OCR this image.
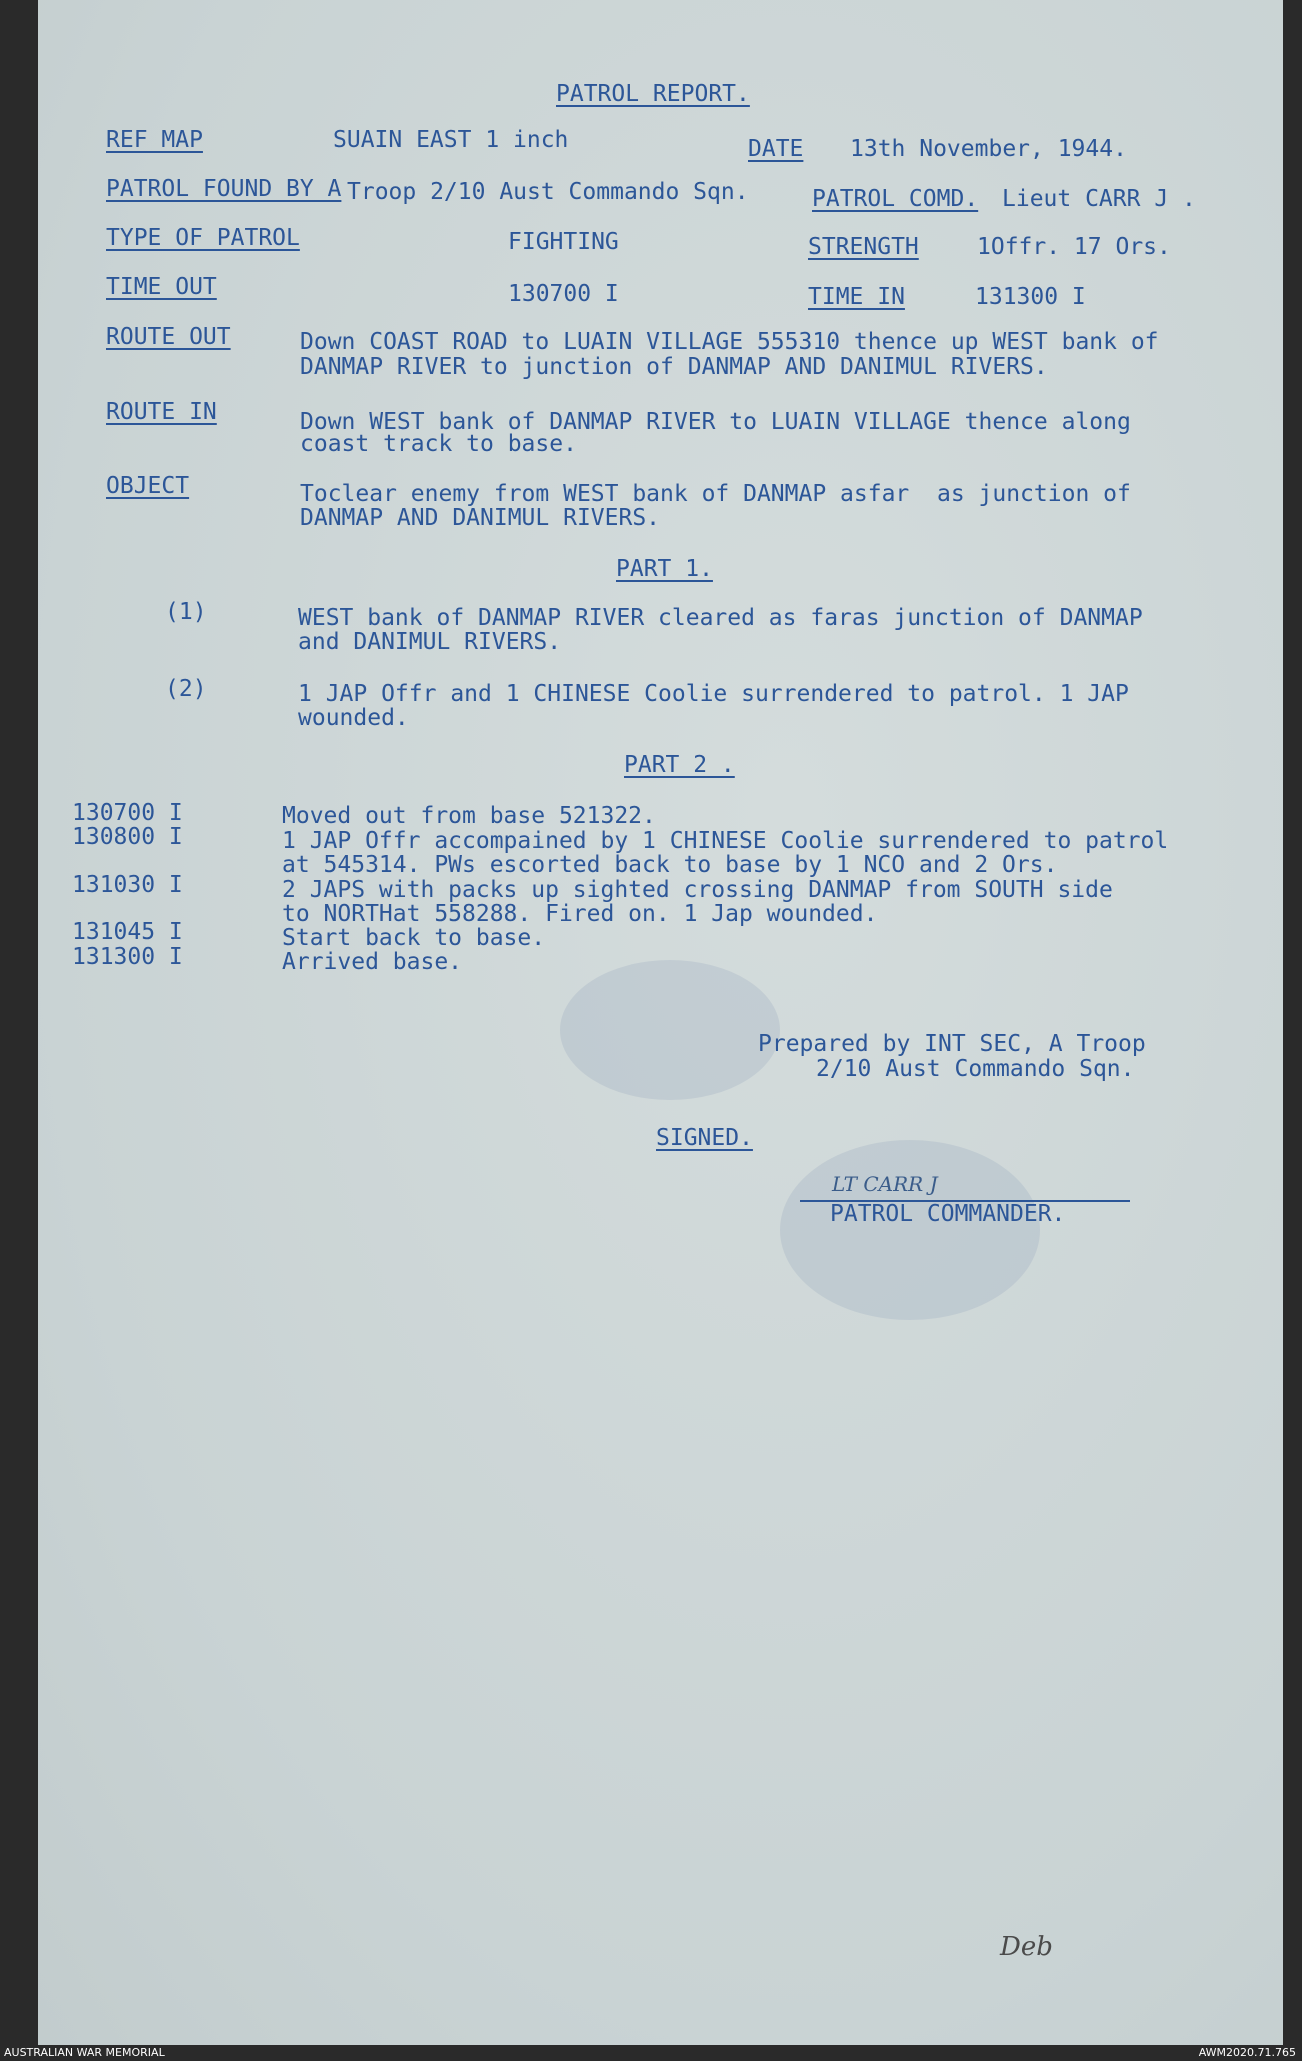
PATROL REPORT.
REF MAP	SUAIN EAST 1 inch	DATE 13th November, 1944.
PATROL FOUND BY A Troop 2/10 Aust Commando Sqn.	PATROL COMD. Lieut CARR J .
TYPE OF PATROL	FIGHTING	STRENGTH	1Offr. 17 Ors.
TIME OUT	130700 I	TIME IN	131300 I
ROUTE OUT	Down COAST ROAD to LUAIN VILLAGE 555310 thence up WEST bank of
DANMAP RIVER to junction of DANMAP AND DANIMUL RIVERS.
ROUTE IN	Down WEST bank of DANMAP RIVER to LUAIN VILLAGE thence along
coast track to base.
OBJECT	Toclear enemy from WEST bank of DANMAP asfar  as junction of
DANMAP AND DANIMUL RIVERS.
PART 1.
(1)	WEST bank of DANMAP RIVER cleared as faras junction of DANMAP
and DANIMUL RIVERS.
(2)	1 JAP Offr and 1 CHINESE Coolie surrendered to patrol. 1 JAP
wounded.
PART 2 .
130700 I	Moved out from base 521322.
130800 I	1 JAP Offr accompained by 1 CHINESE Coolie surrendered to patrol
at 545314. PWs escorted back to base by 1 NCO and 2 Ors.
131030 I	2 JAPS with packs up sighted crossing DANMAP from SOUTH side
to NORTHat 558288. Fired on. 1 Jap wounded.
131045 I	Start back to base.
131300 I	Arrived base.
Prepared by INT SEC, A Troop
2/10 Aust Commando Sqn.
SIGNED.
LT CARR J
PATROL COMMANDER.
Deb
AUSTRALIAN WAR MEMORIAL	AWM2020.71.765
